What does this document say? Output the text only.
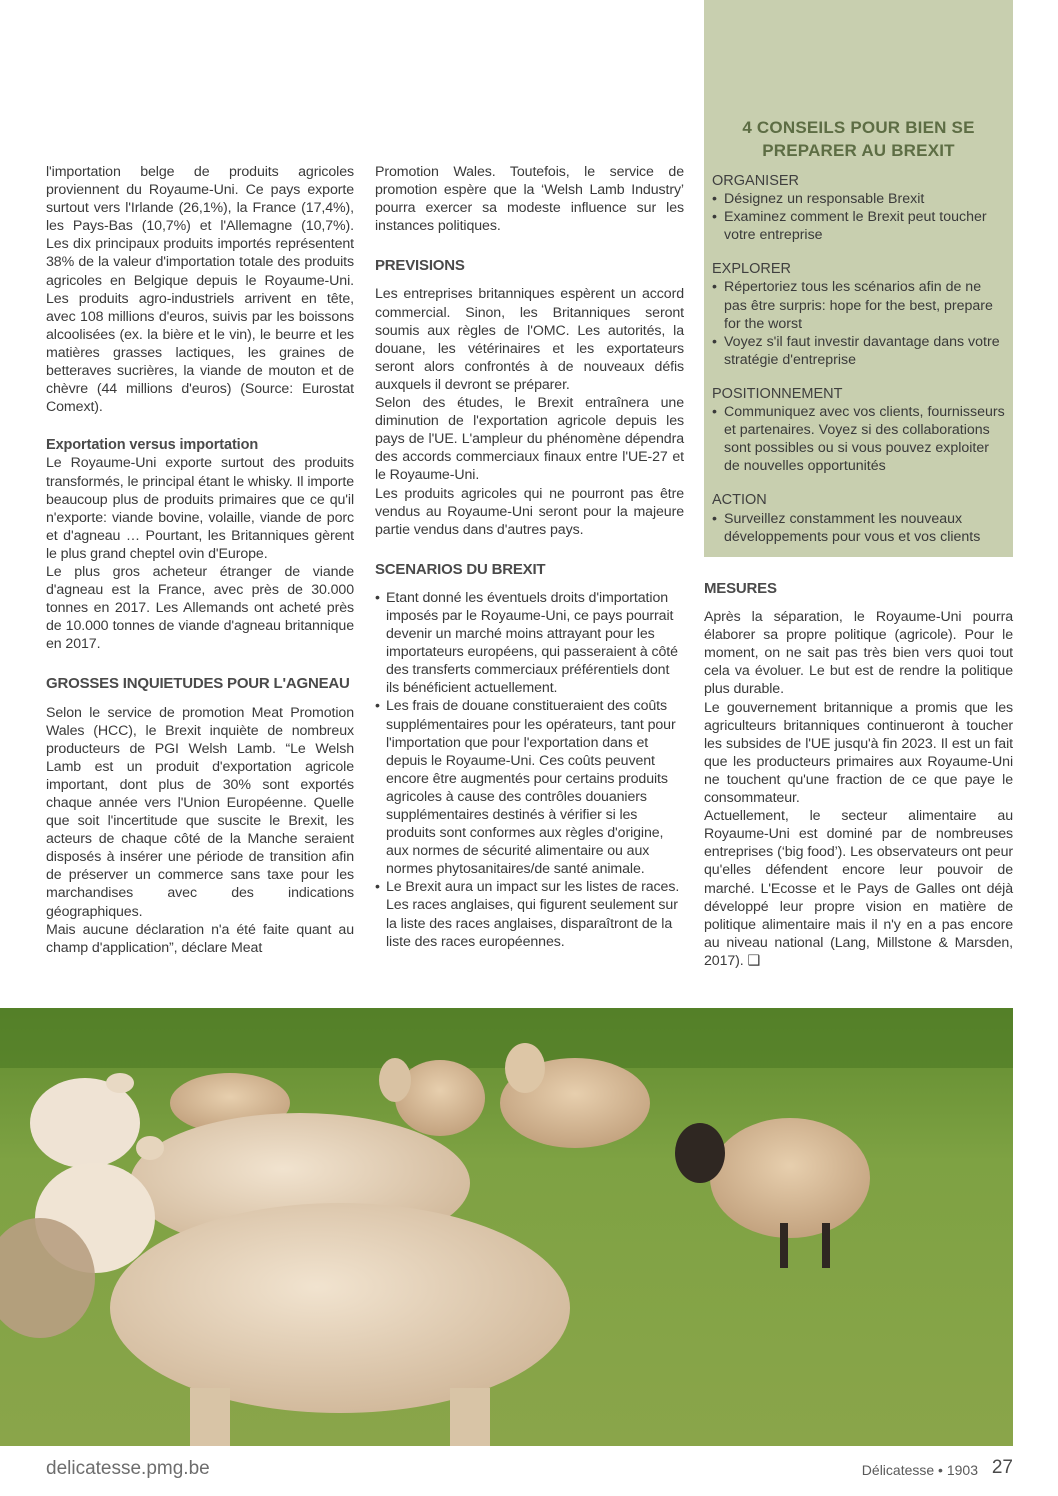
l'importation belge de produits agricoles proviennent du Royaume-Uni. Ce pays exporte surtout vers l'Irlande (26,1%), la France (17,4%), les Pays-Bas (10,7%) et l'Allemagne (10,7%). Les dix principaux produits importés représentent 38% de la valeur d'importation totale des produits agricoles en Belgique depuis le Royaume-Uni. Les produits agro-industriels arrivent en tête, avec 108 millions d'euros, suivis par les boissons alcoolisées (ex. la bière et le vin), le beurre et les matières grasses lactiques, les graines de betteraves sucrières, la viande de mouton et de chèvre (44 millions d'euros) (Source: Eurostat Comext).

Exportation versus importation

Le Royaume-Uni exporte surtout des produits transformés, le principal étant le whisky. Il importe beaucoup plus de produits primaires que ce qu'il n'exporte: viande bovine, volaille, viande de porc et d'agneau … Pourtant, les Britanniques gèrent le plus grand cheptel ovin d'Europe.

Le plus gros acheteur étranger de viande d'agneau est la France, avec près de 30.000 tonnes en 2017. Les Allemands ont acheté près de 10.000 tonnes de viande d'agneau britannique en 2017.

GROSSES INQUIETUDES POUR L'AGNEAU

Selon le service de promotion Meat Promotion Wales (HCC), le Brexit inquiète de nombreux producteurs de PGI Welsh Lamb. “Le Welsh Lamb est un produit d'exportation agricole important, dont plus de 30% sont exportés chaque année vers l'Union Européenne. Quelle que soit l'incertitude que suscite le Brexit, les acteurs de chaque côté de la Manche seraient disposés à insérer une période de transition afin de préserver un commerce sans taxe pour les marchandises avec des indications géographiques.

Mais aucune déclaration n'a été faite quant au champ d'application”, déclare Meat

Promotion Wales. Toutefois, le service de promotion espère que la ‘Welsh Lamb Industry’ pourra exercer sa modeste influence sur les instances politiques.

PREVISIONS

Les entreprises britanniques espèrent un accord commercial. Sinon, les Britanniques seront soumis aux règles de l'OMC. Les autorités, la douane, les vétérinaires et les exportateurs seront alors confrontés à de nouveaux défis auxquels il devront se préparer.

Selon des études, le Brexit entraînera une diminution de l'exportation agricole depuis les pays de l'UE. L'ampleur du phénomène dépendra des accords commerciaux finaux entre l'UE-27 et le Royaume-Uni.

Les produits agricoles qui ne pourront pas être vendus au Royaume-Uni seront pour la majeure partie vendus dans d'autres pays.

SCENARIOS DU BREXIT
• Etant donné les éventuels droits d'importation imposés par le Royaume-Uni, ce pays pourrait devenir un marché moins attrayant pour les importateurs européens, qui passeraient à côté des transferts commerciaux préférentiels dont ils bénéficient actuellement.
• Les frais de douane constitueraient des coûts supplémentaires pour les opérateurs, tant pour l'importation que pour l'exportation dans et depuis le Royaume-Uni. Ces coûts peuvent encore être augmentés pour certains produits agricoles à cause des contrôles douaniers supplémentaires destinés à vérifier si les produits sont conformes aux règles d'origine, aux normes de sécurité alimentaire ou aux normes phytosanitaires/de santé animale.
• Le Brexit aura un impact sur les listes de races. Les races anglaises, qui figurent seulement sur la liste des races anglaises, disparaîtront de la liste des races européennes.
4 CONSEILS POUR BIEN SE PREPARER AU BREXIT

ORGANISER

• Désignez un responsable Brexit
• Examinez comment le Brexit peut toucher votre entreprise

EXPLORER

• Répertoriez tous les scénarios afin de ne pas être surpris: hope for the best, prepare for the worst
• Voyez s'il faut investir davantage dans votre stratégie d'entreprise

POSITIONNEMENT

• Communiquez avec vos clients, fournisseurs et partenaires. Voyez si des collaborations sont possibles ou si vous pouvez exploiter de nouvelles opportunités

ACTION

• Surveillez constamment les nouveaux développements pour vous et vos clients
MESURES

Après la séparation, le Royaume-Uni pourra élaborer sa propre politique (agricole). Pour le moment, on ne sait pas très bien vers quoi tout cela va évoluer. Le but est de rendre la politique plus durable.

Le gouvernement britannique a promis que les agriculteurs britanniques continueront à toucher les subsides de l'UE jusqu'à fin 2023. Il est un fait que les producteurs primaires aux Royaume-Uni ne touchent qu'une fraction de ce que paye le consommateur.

Actuellement, le secteur alimentaire au Royaume-Uni est dominé par de nombreuses entreprises (‘big food’). Les observateurs ont peur qu'elles défendent encore leur pouvoir de marché. L'Ecosse et le Pays de Galles ont déjà développé leur propre vision en matière de politique alimentaire mais il n'y en a pas encore au niveau national (Lang, Millstone & Marsden, 2017). ❑

delicatesse.pmg.be	Délicatesse • 1903 27
